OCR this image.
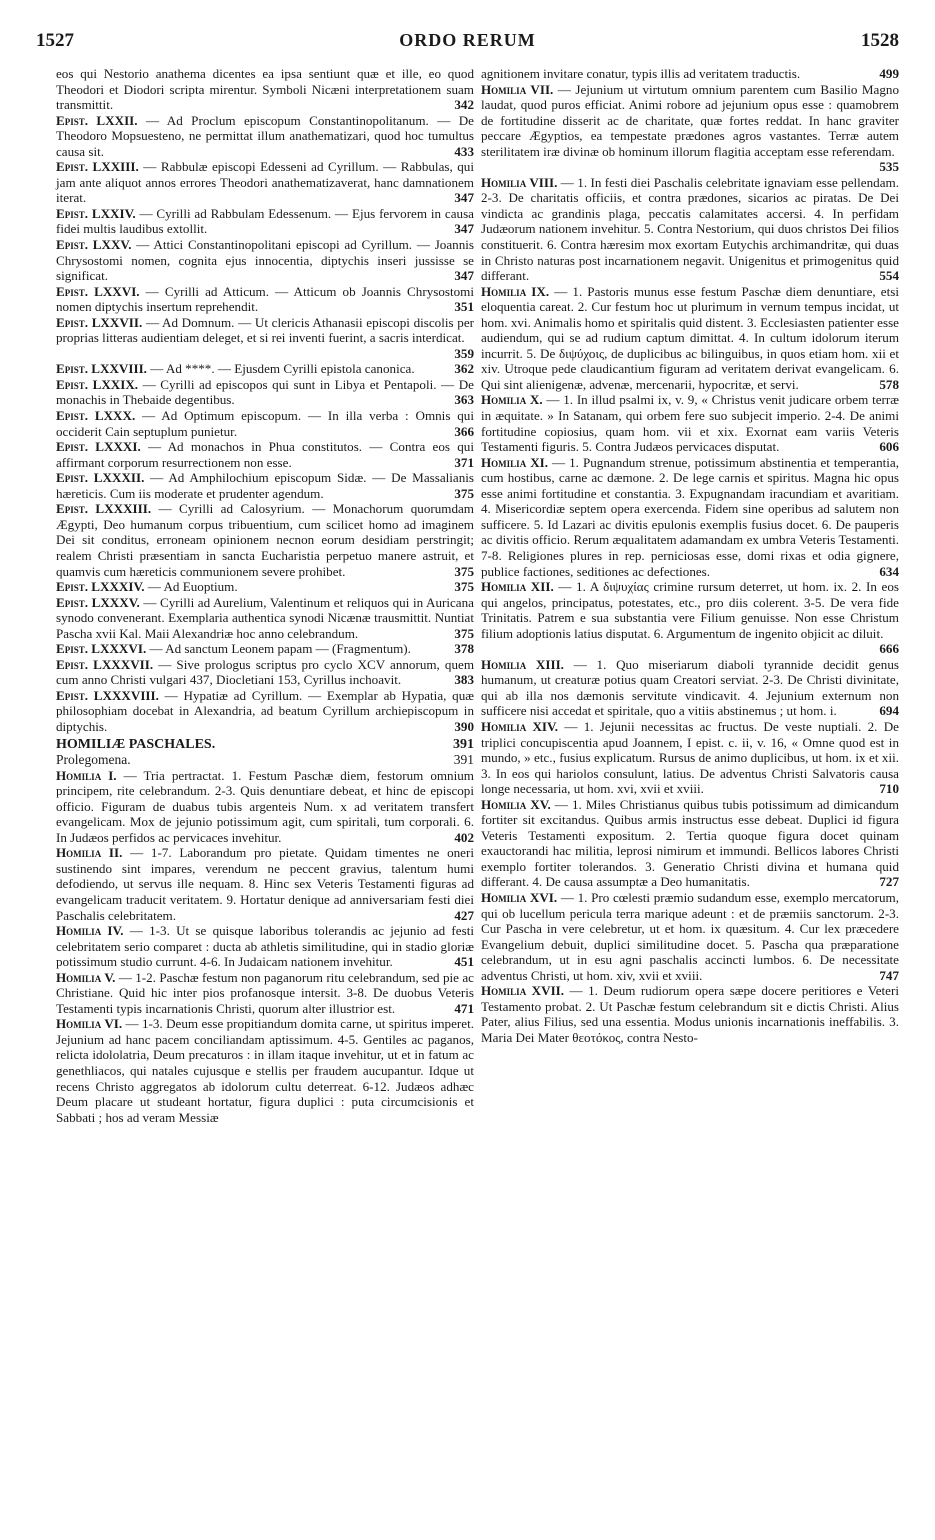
1527	ORDO RERUM	1528

eos qui Nestorio anathema dicentes ea ipsa sentiunt quæ et ille, eo quod Theodori et Diodori scripta mirentur. Symboli Nicæni interpretationem suam transmittit.	342

Epist. LXXII. — Ad Proclum episcopum Constantinopolitanum. — De Theodoro Mopsuesteno, ne permittat illum anathematizari, quod hoc tumultus causa sit.	433

Epist. LXXIII. — Rabbulæ episcopi Edesseni ad Cyrillum. — Rabbulas, qui jam ante aliquot annos errores Theodori anathematizaverat, hanc damnationem iterat.	347

Epist. LXXIV. — Cyrilli ad Rabbulam Edessenum. — Ejus fervorem in causa fidei multis laudibus extollit.	347

Epist. LXXV. — Attici Constantinopolitani episcopi ad Cyrillum. — Joannis Chrysostomi nomen, cognita ejus innocentia, diptychis inseri jussisse se significat.	347

Epist. LXXVI. — Cyrilli ad Atticum. — Atticum ob Joannis Chrysostomi nomen diptychis insertum reprehendit.	351

Epist. LXXVII. — Ad Domnum. — Ut clericis Athanasii episcopi discolis per proprias litteras audientiam deleget, et si rei inventi fuerint, a sacris interdicat.
359

Epist. LXXVIII. — Ad ****. — Ejusdem Cyrilli epistola canonica.	362

Epist. LXXIX. — Cyrilli ad episcopos qui sunt in Libya et Pentapoli. — De monachis in Thebaide degentibus.	363

Epist. LXXX. — Ad Optimum episcopum. — In illa verba : Omnis qui occiderit Cain septuplum punietur.	366

Epist. LXXXI. — Ad monachos in Phua constitutos. — Contra eos qui affirmant corporum resurrectionem non esse.	371

Epist. LXXXII. — Ad Amphilochium episcopum Sidæ. — De Massalianis hæreticis. Cum iis moderate et prudenter agendum.	375

Epist. LXXXIII. — Cyrilli ad Calosyrium. — Monachorum quorumdam Ægypti, Deo humanum corpus tribuentium, cum scilicet homo ad imaginem Dei sit conditus, erroneam opinionem necnon eorum desidiam perstringit; realem Christi præsentiam in sancta Eucharistia perpetuo manere astruit, et quamvis cum hæreticis communionem severe prohibet.	375

Epist. LXXXIV. — Ad Euoptium.	375

Epist. LXXXV. — Cyrilli ad Aurelium, Valentinum et reliquos qui in Auricana synodo convenerant. Exemplaria authentica synodi Nicænæ trausmittit. Nuntiat Pascha xvii Kal. Maii Alexandriæ hoc anno celebrandum.	375

Epist. LXXXVI. — Ad sanctum Leonem papam — (Fragmentum).	378

Epist. LXXXVII. — Sive prologus scriptus pro cyclo XCV annorum, quem cum anno Christi vulgari 437, Diocletiani 153, Cyrillus inchoavit.	383

Epist. LXXXVIII. — Hypatiæ ad Cyrillum. — Exemplar ab Hypatia, quæ philosophiam docebat in Alexandria, ad beatum Cyrillum archiepiscopum in diptychis.	390

HOMILIÆ PASCHALES.	391
Prolegomena.	391

Homilia I. — Tria pertractat. 1. Festum Paschæ diem, festorum omnium principem, rite celebrandum. 2-3. Quis denuntiare debeat, et hinc de episcopi officio. Figuram de duabus tubis argenteis Num. x ad veritatem transfert evangelicam. Mox de jejunio potissimum agit, cum spiritali, tum corporali. 6. In Judæos perfidos ac pervicaces invehitur.	402

Homilia II. — 1-7. Laborandum pro pietate. Quidam timentes ne oneri sustinendo sint impares, verendum ne peccent gravius, talentum humi defodiendo, ut servus ille nequam. 8. Hinc sex Veteris Testamenti figuras ad evangelicam traducit veritatem. 9. Hortatur denique ad anniversariam festi diei Paschalis celebritatem.	427

Homilia IV. — 1-3. Ut se quisque laboribus tolerandis ac jejunio ad festi celebritatem serio comparet : ducta ab athletis similitudine, qui in stadio gloriæ potissimum studio currunt. 4-6. In Judaicam nationem invehitur.	451

Homilia V. — 1-2. Paschæ festum non paganorum ritu celebrandum, sed pie ac Christiane. Quid hic inter pios profanosque intersit. 3-8. De duobus Veteris Testamenti typis incarnationis Christi, quorum alter illustrior est.	471

Homilia VI. — 1-3. Deum esse propitiandum domita carne, ut spiritus imperet. Jejunium ad hanc pacem conciliandam aptissimum. 4-5. Gentiles ac paganos, relicta idololatria, Deum precaturos : in illam itaque invehitur, ut et in fatum ac genethliacos, qui natales cujusque e stellis per fraudem aucupantur. Idque ut recens Christo aggregatos ab idolorum cultu deterreat. 6-12. Judæos adhæc Deum placare ut studeant hortatur, figura duplici : puta circumcisionis et Sabbati ; hos ad veram Messiæ

agnitionem invitare conatur, typis illis ad veritatem traductis.	499

Homilia VII. — Jejunium ut virtutum omnium parentem cum Basilio Magno laudat, quod puros efficiat. Animi robore ad jejunium opus esse : quamobrem de fortitudine disserit ac de charitate, quæ fortes reddat. In hanc graviter peccare Ægyptios, ea tempestate prædones agros vastantes. Terræ autem sterilitatem iræ divinæ ob hominum illorum flagitia acceptam esse referendam.
535

Homilia VIII. — 1. In festi diei Paschalis celebritate ignaviam esse pellendam. 2-3. De charitatis officiis, et contra prædones, sicarios ac piratas. De Dei vindicta ac grandinis plaga, peccatis calamitates accersi. 4. In perfidam Judæorum nationem invehitur. 5. Contra Nestorium, qui duos christos Dei filios constituerit. 6. Contra hæresim mox exortam Eutychis archimandritæ, qui duas in Christo naturas post incarnationem negavit. Unigenitus et primogenitus quid differant.	554

Homilia IX. — 1. Pastoris munus esse festum Paschæ diem denuntiare, etsi eloquentia careat. 2. Cur festum hoc ut plurimum in vernum tempus incidat, ut hom. xvi. Animalis homo et spiritalis quid distent. 3. Ecclesiasten patienter esse audiendum, qui se ad rudium captum dimittat. 4. In cultum idolorum iterum incurrit. 5. De διψύχοις, de duplicibus ac bilinguibus, in quos etiam hom. xii et xiv. Utroque pede claudicantium figuram ad veritatem derivat evangelicam. 6. Qui sint alienigenæ, advenæ, mercenarii, hypocritæ, et servi.	578

Homilia X. — 1. In illud psalmi ix, v. 9, « Christus venit judicare orbem terræ in æquitate. » In Satanam, qui orbem fere suo subjecit imperio. 2-4. De animi fortitudine copiosius, quam hom. vii et xix. Exornat eam variis Veteris Testamenti figuris. 5. Contra Judæos pervicaces disputat.	606

Homilia XI. — 1. Pugnandum strenue, potissimum abstinentia et temperantia, cum hostibus, carne ac dæmone. 2. De lege carnis et spiritus. Magna hic opus esse animi fortitudine et constantia. 3. Expugnandam iracundiam et avaritiam. 4. Misericordiæ septem opera exercenda. Fidem sine operibus ad salutem non sufficere. 5. Id Lazari ac divitis epulonis exemplis fusius docet. 6. De pauperis ac divitis officio. Rerum æqualitatem adamandam ex umbra Veteris Testamenti. 7-8. Religiones plures in rep. perniciosas esse, domi rixas et odia gignere, publice factiones, seditiones ac defectiones.	634

Homilia XII. — 1. A διψυχίας crimine rursum deterret, ut hom. ix. 2. In eos qui angelos, principatus, potestates, etc., pro diis colerent. 3-5. De vera fide Trinitatis. Patrem e sua substantia vere Filium genuisse. Non esse Christum filium adoptionis latius disputat. 6. Argumentum de ingenito objicit ac diluit.
666

Homilia XIII. — 1. Quo miseriarum diaboli tyrannide decidit genus humanum, ut creaturæ potius quam Creatori serviat. 2-3. De Christi divinitate, qui ab illa nos dæmonis servitute vindicavit. 4. Jejunium externum non sufficere nisi accedat et spiritale, quo a vitiis abstinemus ; ut hom. i.	694

Homilia XIV. — 1. Jejunii necessitas ac fructus. De veste nuptiali. 2. De triplici concupiscentia apud Joannem, I epist. c. ii, v. 16, « Omne quod est in mundo, » etc., fusius explicatum. Rursus de animo duplicibus, ut hom. ix et xii. 3. In eos qui hariolos consulunt, latius. De adventus Christi Salvatoris causa longe necessaria, ut hom. xvi, xvii et xviii.	710

Homilia XV. — 1. Miles Christianus quibus tubis potissimum ad dimicandum fortiter sit excitandus. Quibus armis instructus esse debeat. Duplici id figura Veteris Testamenti expositum. 2. Tertia quoque figura docet quinam exauctorandi hac militia, leprosi nimirum et immundi. Bellicos labores Christi exemplo fortiter tolerandos. 3. Generatio Christi divina et humana quid differant. 4. De causa assumptæ a Deo humanitatis.	727

Homilia XVI. — 1. Pro cœlesti præmio sudandum esse, exemplo mercatorum, qui ob lucellum pericula terra marique adeunt : et de præmiis sanctorum. 2-3. Cur Pascha in vere celebretur, ut et hom. ix quæsitum. 4. Cur lex præcedere Evangelium debuit, duplici similitudine docet. 5. Pascha qua præparatione celebrandum, ut in esu agni paschalis accincti lumbos. 6. De necessitate adventus Christi, ut hom. xiv, xvii et xviii.	747

Homilia XVII. — 1. Deum rudiorum opera sæpe docere peritiores e Veteri Testamento probat. 2. Ut Paschæ festum celebrandum sit e dictis Christi. Alius Pater, alius Filius, sed una essentia. Modus unionis incarnationis ineffabilis. 3. Maria Dei Mater θεοτόκος, contra Nesto-
